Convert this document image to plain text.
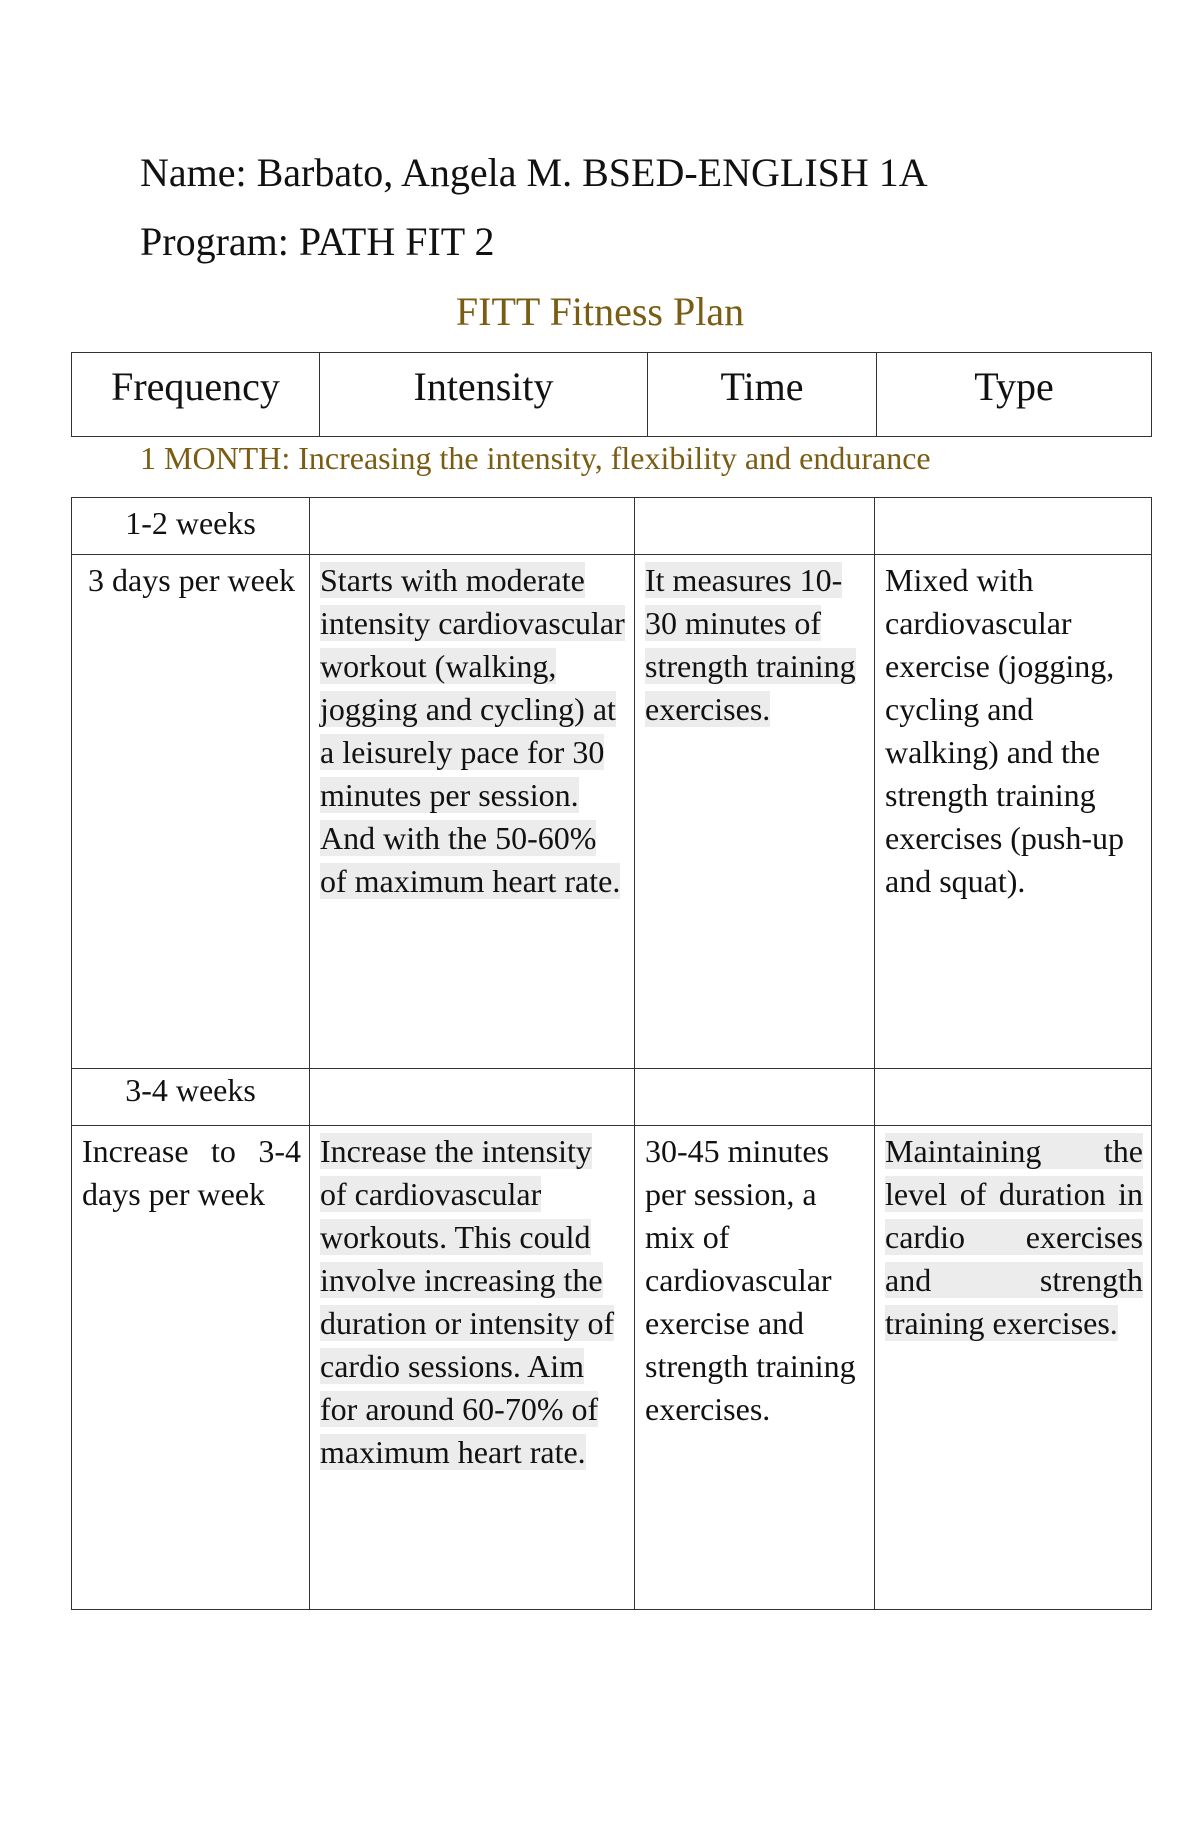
Name: Barbato, Angela M. BSED-ENGLISH 1A
Program: PATH FIT 2
FITT Fitness Plan
Frequency	Intensity	Time	Type
1 MONTH: Increasing the intensity, flexibility and endurance
1-2 weeks			
3 days per week	Starts with moderate intensity cardiovascular workout (walking, jogging and cycling) at a leisurely pace for 30 minutes per session. And with the 50-60% of maximum heart rate.	It measures 10-30 minutes of strength training exercises.	Mixed with cardiovascular exercise (jogging, cycling and walking) and the strength training exercises (push-up and squat).
3-4 weeks			
Increase to 3-4 days per week	Increase the intensity of cardiovascular workouts. This could involve increasing the duration or intensity of cardio sessions. Aim for around 60-70% of maximum heart rate.	30-45 minutes per session, a mix of cardiovascular exercise and strength training exercises.	Maintaining the level of duration in cardio exercises and strength training exercises.
